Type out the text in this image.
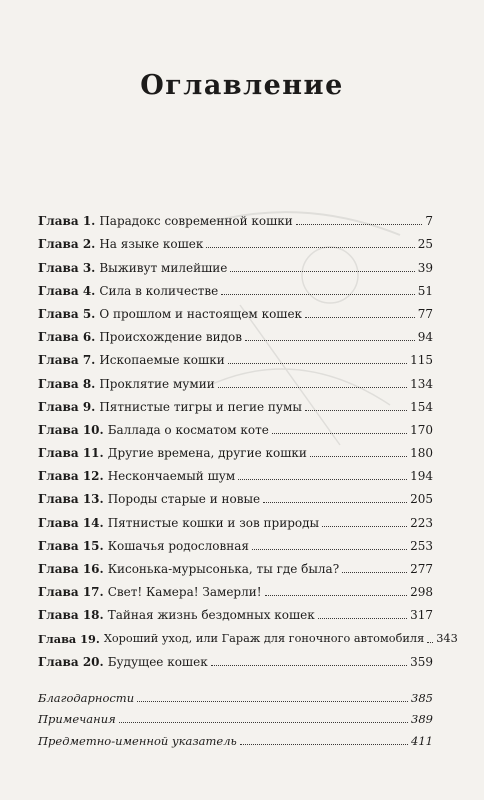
Оглавление
Глава 1. Парадокс современной кошки	7
Глава 2. На языке кошек	25
Глава 3. Выживут милейшие	39
Глава 4. Сила в количестве	51
Глава 5. О прошлом и настоящем кошек	77
Глава 6. Происхождение видов	94
Глава 7. Ископаемые кошки	115
Глава 8. Проклятие мумии	134
Глава 9. Пятнистые тигры и пегие пумы	154
Глава 10. Баллада о косматом коте	170
Глава 11. Другие времена, другие кошки	180
Глава 12. Нескончаемый шум	194
Глава 13. Породы старые и новые	205
Глава 14. Пятнистые кошки и зов природы	223
Глава 15. Кошачья родословная	253
Глава 16. Кисонька-мурысонька, ты где была?	277
Глава 17. Свет! Камера! Замерли!	298
Глава 18. Тайная жизнь бездомных кошек	317
Глава 19. Хороший уход, или Гараж для гоночного автомобиля 343
Глава 20. Будущее кошек	359
Благодарности	385
Примечания	389
Предметно-именной указатель	411
